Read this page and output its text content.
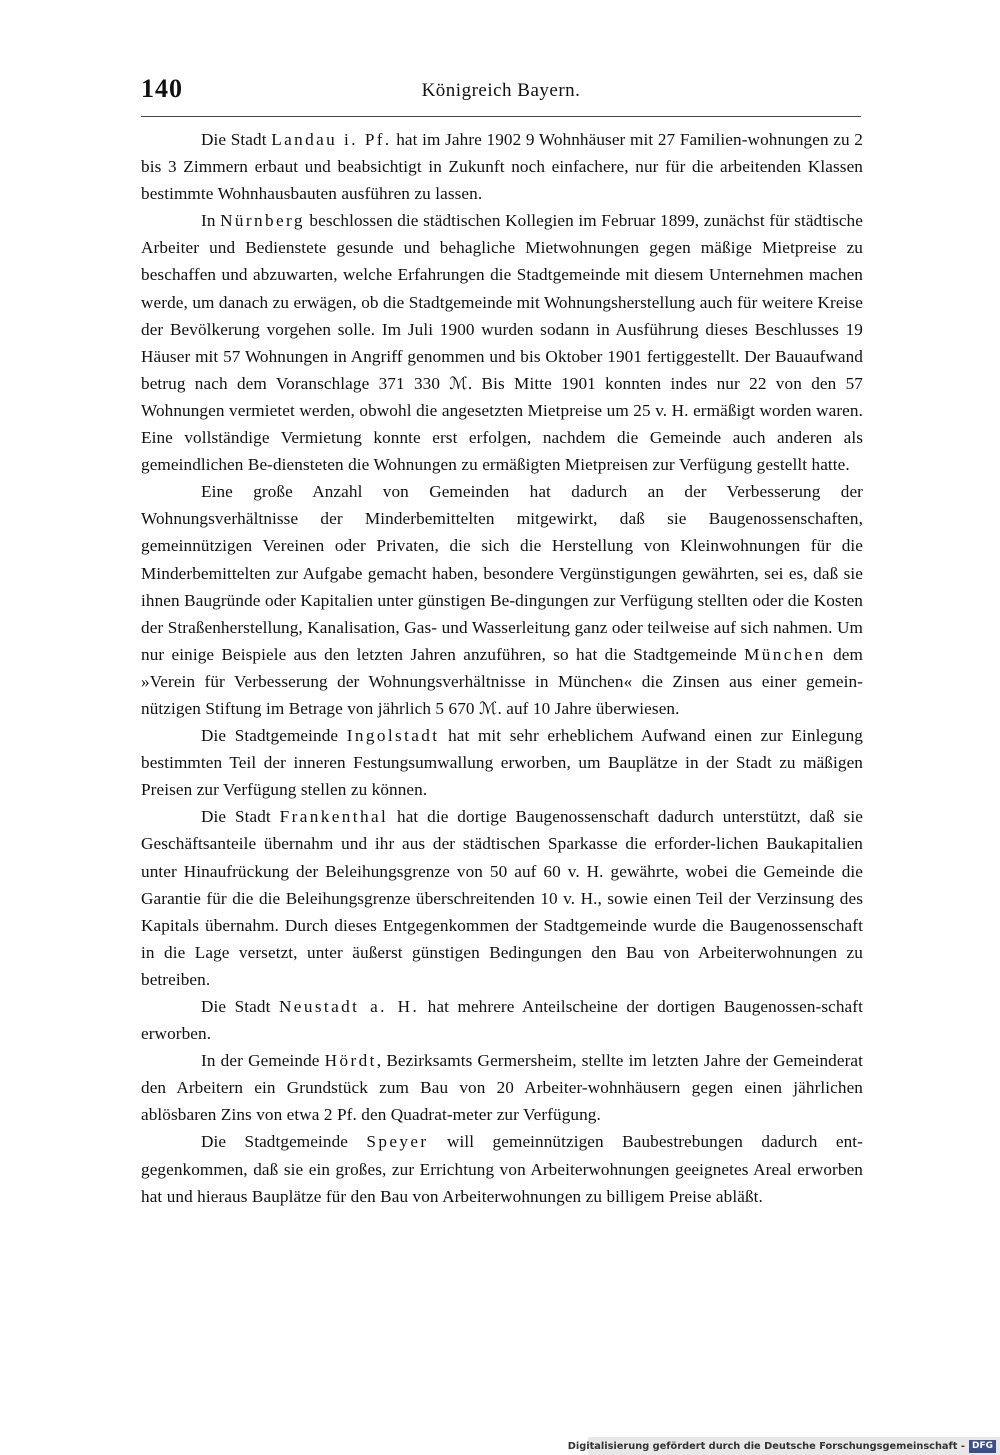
140	Königreich Bayern.

Die Stadt Landau i. Pf. hat im Jahre 1902 9 Wohnhäuser mit 27 Familien-wohnungen zu 2 bis 3 Zimmern erbaut und beabsichtigt in Zukunft noch einfachere, nur für die arbeitenden Klassen bestimmte Wohnhausbauten ausführen zu lassen.

In Nürnberg beschlossen die städtischen Kollegien im Februar 1899, zunächst für städtische Arbeiter und Bedienstete gesunde und behagliche Mietwohnungen gegen mäßige Mietpreise zu beschaffen und abzuwarten, welche Erfahrungen die Stadtgemeinde mit diesem Unternehmen machen werde, um danach zu erwägen, ob die Stadtgemeinde mit Wohnungsherstellung auch für weitere Kreise der Bevölkerung vorgehen solle. Im Juli 1900 wurden sodann in Ausführung dieses Beschlusses 19 Häuser mit 57 Wohnungen in Angriff genommen und bis Oktober 1901 fertiggestellt. Der Bauaufwand betrug nach dem Voranschlage 371 330 ℳ. Bis Mitte 1901 konnten indes nur 22 von den 57 Wohnungen vermietet werden, obwohl die angesetzten Mietpreise um 25 v. H. ermäßigt worden waren. Eine vollständige Vermietung konnte erst erfolgen, nachdem die Gemeinde auch anderen als gemeindlichen Be-diensteten die Wohnungen zu ermäßigten Mietpreisen zur Verfügung gestellt hatte.

Eine große Anzahl von Gemeinden hat dadurch an der Verbesserung der Wohnungsverhältnisse der Minderbemittelten mitgewirkt, daß sie Baugenossenschaften, gemeinnützigen Vereinen oder Privaten, die sich die Herstellung von Kleinwohnungen für die Minderbemittelten zur Aufgabe gemacht haben, besondere Vergünstigungen gewährten, sei es, daß sie ihnen Baugründe oder Kapitalien unter günstigen Be-dingungen zur Verfügung stellten oder die Kosten der Straßenherstellung, Kanalisation, Gas- und Wasserleitung ganz oder teilweise auf sich nahmen. Um nur einige Beispiele aus den letzten Jahren anzuführen, so hat die Stadtgemeinde München dem »Verein für Verbesserung der Wohnungsverhältnisse in München« die Zinsen aus einer gemein-nützigen Stiftung im Betrage von jährlich 5 670 ℳ. auf 10 Jahre überwiesen.

Die Stadtgemeinde Ingolstadt hat mit sehr erheblichem Aufwand einen zur Einlegung bestimmten Teil der inneren Festungsumwallung erworben, um Bauplätze in der Stadt zu mäßigen Preisen zur Verfügung stellen zu können.

Die Stadt Frankenthal hat die dortige Baugenossenschaft dadurch unterstützt, daß sie Geschäftsanteile übernahm und ihr aus der städtischen Sparkasse die erforder-lichen Baukapitalien unter Hinaufrückung der Beleihungsgrenze von 50 auf 60 v. H. gewährte, wobei die Gemeinde die Garantie für die die Beleihungsgrenze überschreitenden 10 v. H., sowie einen Teil der Verzinsung des Kapitals übernahm. Durch dieses Entgegenkommen der Stadtgemeinde wurde die Baugenossenschaft in die Lage versetzt, unter äußerst günstigen Bedingungen den Bau von Arbeiterwohnungen zu betreiben.

Die Stadt Neustadt a. H. hat mehrere Anteilscheine der dortigen Baugenossen-schaft erworben.

In der Gemeinde Hördt, Bezirksamts Germersheim, stellte im letzten Jahre der Gemeinderat den Arbeitern ein Grundstück zum Bau von 20 Arbeiter-wohnhäusern gegen einen jährlichen ablösbaren Zins von etwa 2 Pf. den Quadrat-meter zur Verfügung.

Die Stadtgemeinde Speyer will gemeinnützigen Baubestrebungen dadurch ent-gegenkommen, daß sie ein großes, zur Errichtung von Arbeiterwohnungen geeignetes Areal erworben hat und hieraus Bauplätze für den Bau von Arbeiterwohnungen zu billigem Preise abläßt.

Digitalisierung gefördert durch die Deutsche Forschungsgemeinschaft - DFG
